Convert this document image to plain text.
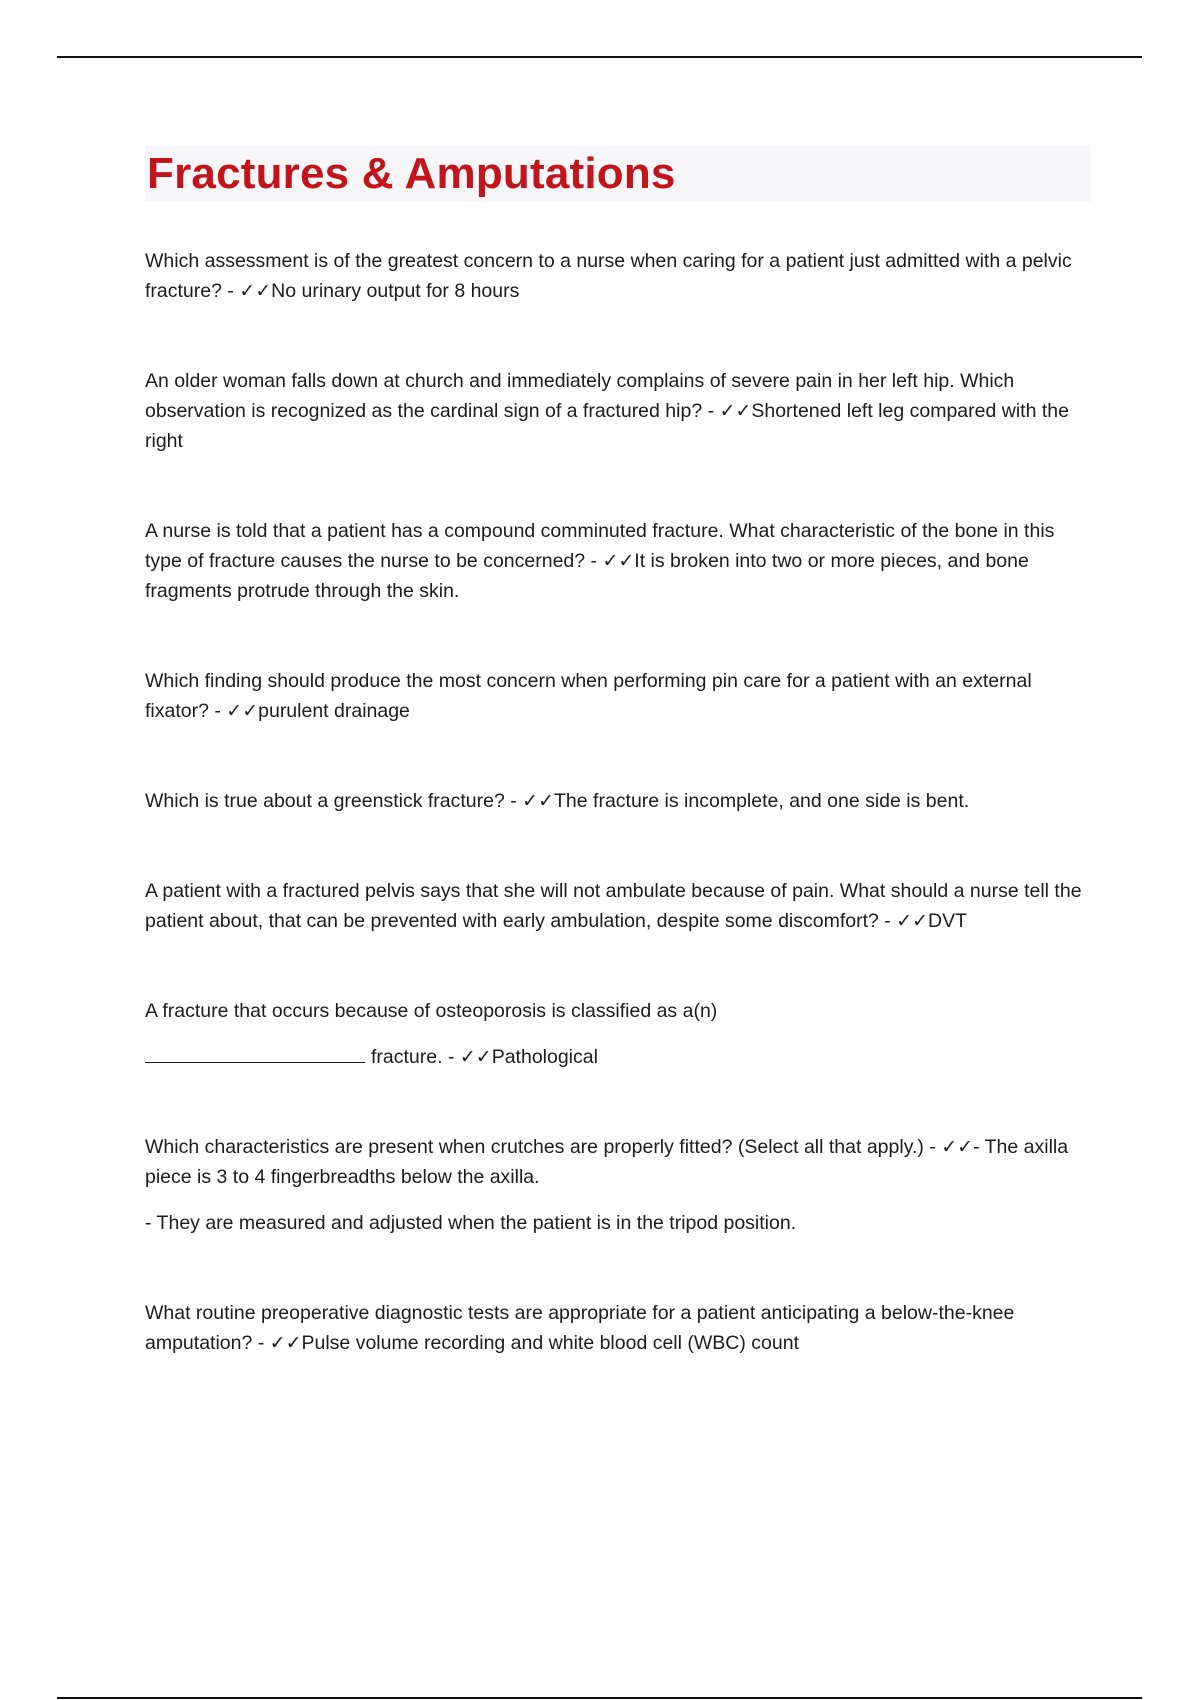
Fractures & Amputations

Which assessment is of the greatest concern to a nurse when caring for a patient just admitted with a pelvic fracture? - ✓✓No urinary output for 8 hours

An older woman falls down at church and immediately complains of severe pain in her left hip. Which observation is recognized as the cardinal sign of a fractured hip? - ✓✓Shortened left leg compared with the right

A nurse is told that a patient has a compound comminuted fracture. What characteristic of the bone in this type of fracture causes the nurse to be concerned? - ✓✓It is broken into two or more pieces, and bone fragments protrude through the skin.

Which finding should produce the most concern when performing pin care for a patient with an external fixator? - ✓✓purulent drainage

Which is true about a greenstick fracture? - ✓✓The fracture is incomplete, and one side is bent.

A patient with a fractured pelvis says that she will not ambulate because of pain. What should a nurse tell the patient about, that can be prevented with early ambulation, despite some discomfort? - ✓✓DVT

A fracture that occurs because of osteoporosis is classified as a(n)

fracture. - ✓✓Pathological

Which characteristics are present when crutches are properly fitted? (Select all that apply.) - ✓✓- The axilla piece is 3 to 4 fingerbreadths below the axilla.

- They are measured and adjusted when the patient is in the tripod position.

What routine preoperative diagnostic tests are appropriate for a patient anticipating a below-the-knee amputation? - ✓✓Pulse volume recording and white blood cell (WBC) count
